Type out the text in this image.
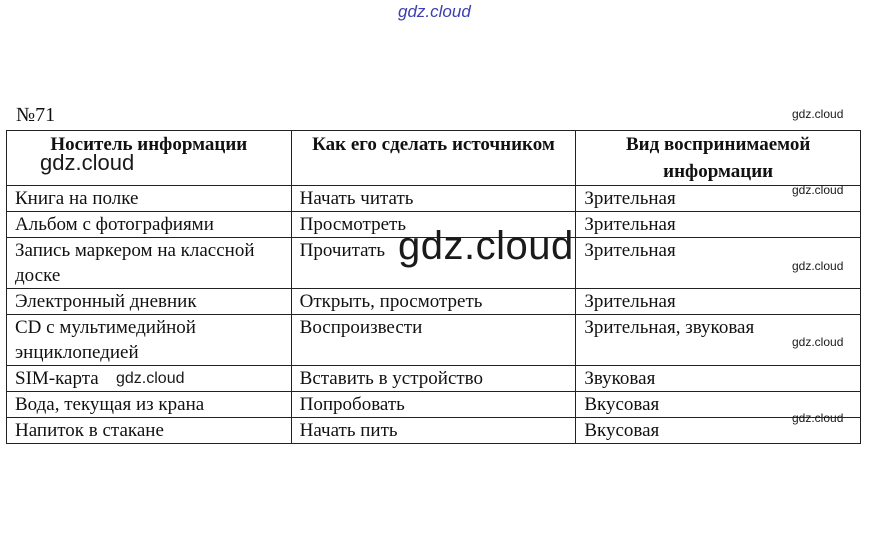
gdz.cloud
№71
Носитель информации	Как его сделать источником	Вид воспринимаемой информации
Книга на полке	Начать читать	Зрительная
Альбом с фотографиями	Просмотреть	Зрительная
Запись маркером на классной доске	Прочитать	Зрительная
Электронный дневник	Открыть, просмотреть	Зрительная
CD с мультимедийной энциклопедией	Воспроизвести	Зрительная, звуковая
SIM-карта	Вставить в устройство	Звуковая
Вода, текущая из крана	Попробовать	Вкусовая
Напиток в стакане	Начать пить	Вкусовая
gdz.cloud
gdz.cloud
gdz.cloud
gdz.cloud	gdz.cloud
gdz.cloud
gdz.cloud
gdz.cloud
